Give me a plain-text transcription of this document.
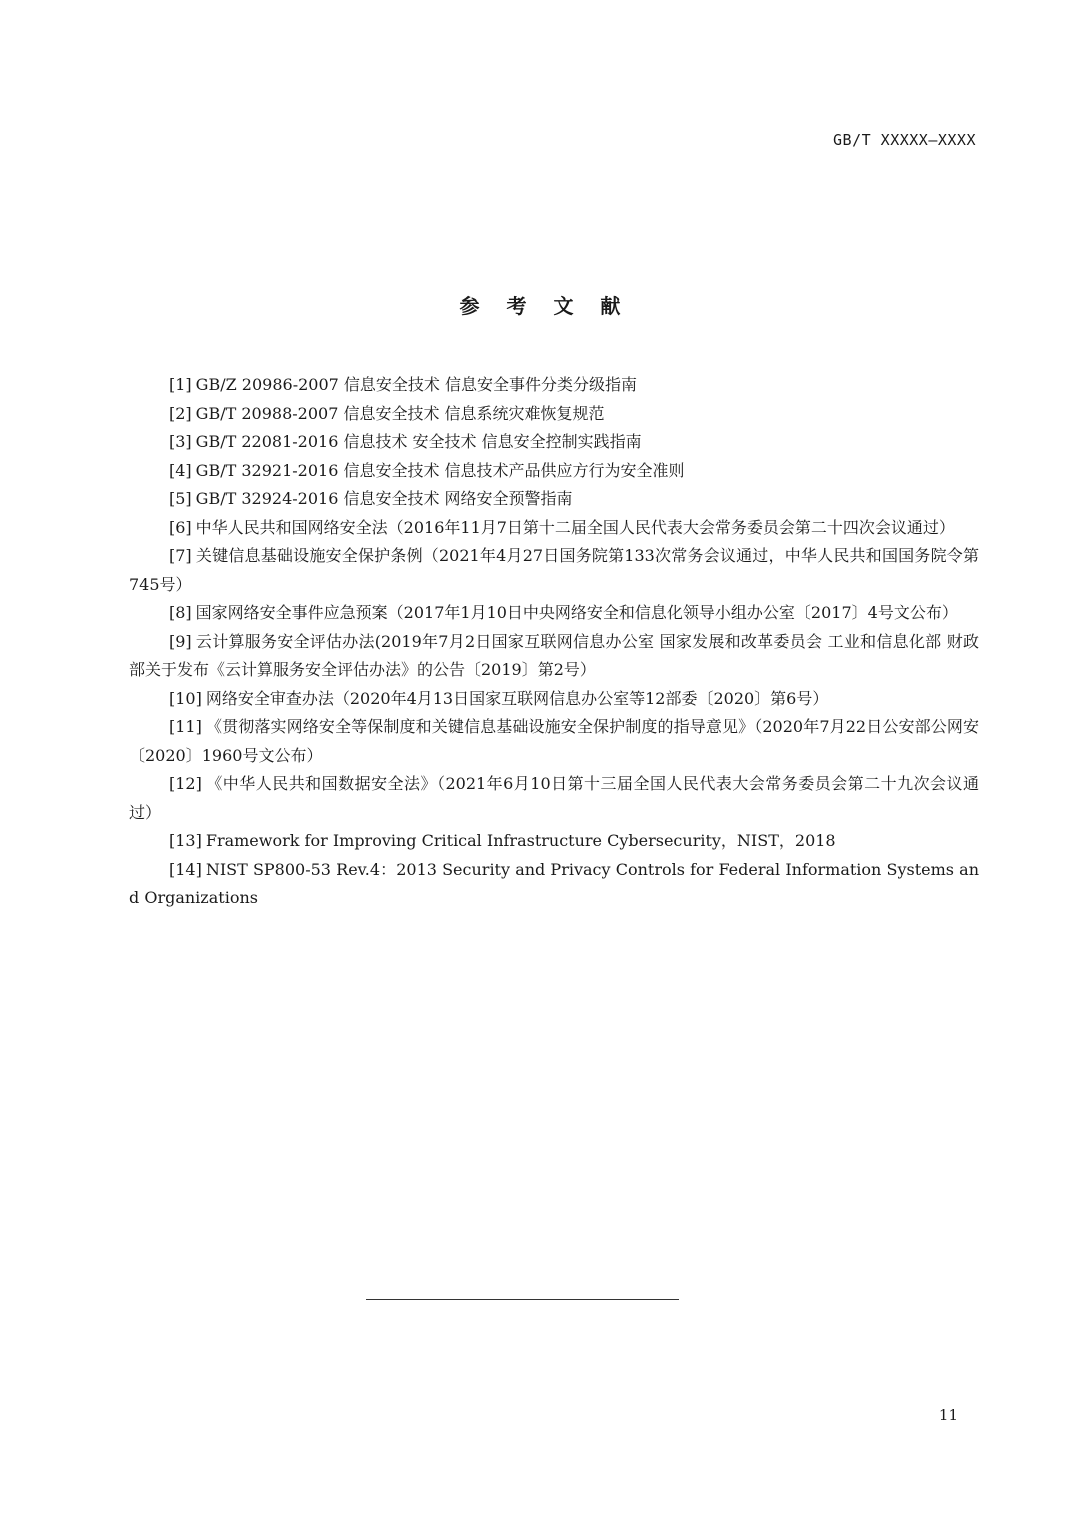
GB/T XXXXX—XXXX
参 考 文 献
[1] GB/Z 20986-2007 信息安全技术 信息安全事件分类分级指南
[2] GB/T 20988-2007 信息安全技术 信息系统灾难恢复规范
[3] GB/T 22081-2016 信息技术 安全技术 信息安全控制实践指南
[4] GB/T 32921-2016 信息安全技术 信息技术产品供应方行为安全准则
[5] GB/T 32924-2016 信息安全技术 网络安全预警指南
[6] 中华人民共和国网络安全法（2016年11月7日第十二届全国人民代表大会常务委员会第二十四次会议通过）
[7] 关键信息基础设施安全保护条例（2021年4月27日国务院第133次常务会议通过，中华人民共和国国务院令第745号）
[8] 国家网络安全事件应急预案（2017年1月10日中央网络安全和信息化领导小组办公室〔2017〕4号文公布）
[9] 云计算服务安全评估办法(2019年7月2日国家互联网信息办公室 国家发展和改革委员会 工业和信息化部 财政部关于发布《云计算服务安全评估办法》的公告〔2019〕第2号）
[10] 网络安全审查办法（2020年4月13日国家互联网信息办公室等12部委〔2020〕第6号）
[11] 《贯彻落实网络安全等保制度和关键信息基础设施安全保护制度的指导意见》（2020年7月22日公安部公网安〔2020〕1960号文公布）
[12] 《中华人民共和国数据安全法》（2021年6月10日第十三届全国人民代表大会常务委员会第二十九次会议通过）
[13] Framework for Improving Critical Infrastructure Cybersecurity，NIST，2018
[14] NIST SP800-53 Rev.4：2013 Security and Privacy Controls for Federal Information Systems and Organizations
11
